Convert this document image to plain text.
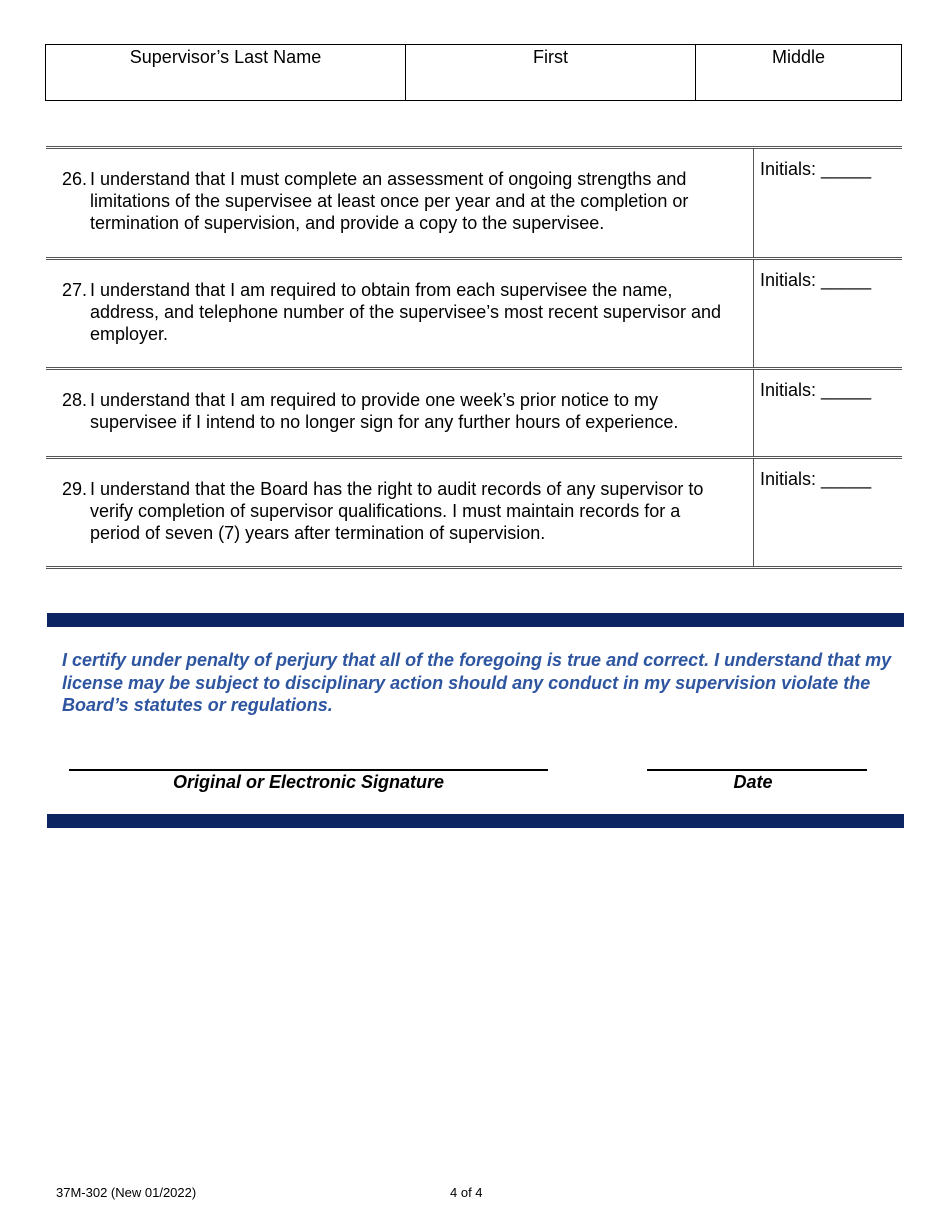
Supervisor’s Last Name	First	Middle
26. I understand that I must complete an assessment of ongoing strengths and limitations of the supervisee at least once per year and at the completion or termination of supervision, and provide a copy to the supervisee.
Initials: _____
27. I understand that I am required to obtain from each supervisee the name, address, and telephone number of the supervisee’s most recent supervisor and employer.
Initials: _____
28. I understand that I am required to provide one week’s prior notice to my supervisee if I intend to no longer sign for any further hours of experience.
Initials: _____
29. I understand that the Board has the right to audit records of any supervisor to verify completion of supervisor qualifications. I must maintain records for a period of seven (7) years after termination of supervision.
Initials: _____
I certify under penalty of perjury that all of the foregoing is true and correct. I understand that my license may be subject to disciplinary action should any conduct in my supervision violate the Board’s statutes or regulations.
Original or Electronic Signature	Date
37M-302 (New 01/2022)	4 of 4
